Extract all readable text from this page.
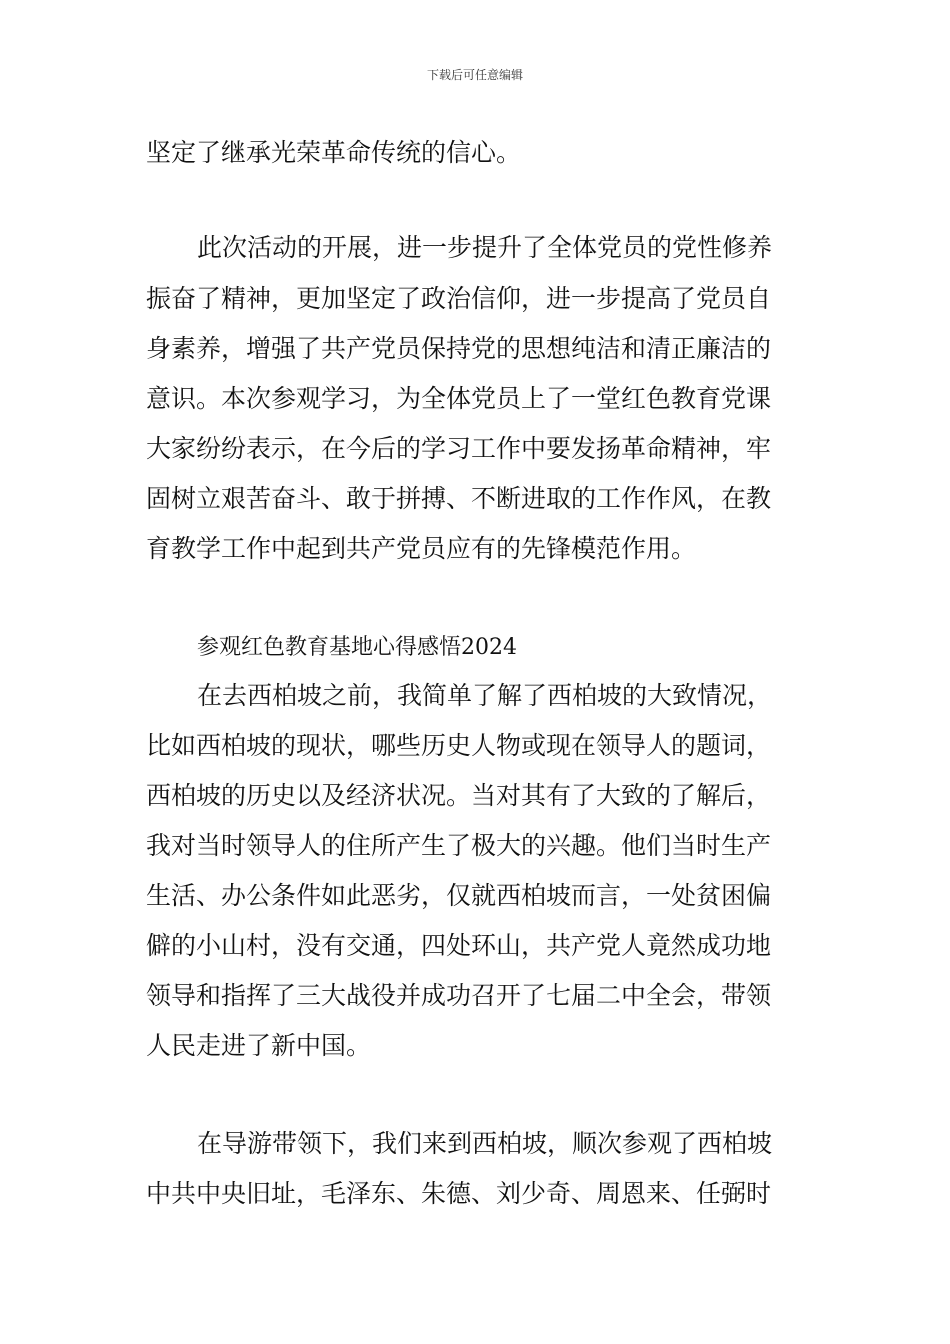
下载后可任意编辑
坚定了继承光荣革命传统的信心。
此次活动的开展，进一步提升了全体党员的党性修养
振奋了精神，更加坚定了政治信仰，进一步提高了党员自
身素养，增强了共产党员保持党的思想纯洁和清正廉洁的
意识。本次参观学习，为全体党员上了一堂红色教育党课
大家纷纷表示，在今后的学习工作中要发扬革命精神，牢
固树立艰苦奋斗、敢于拼搏、不断进取的工作作风，在教
育教学工作中起到共产党员应有的先锋模范作用。
参观红色教育基地心得感悟2024
在去西柏坡之前，我简单了解了西柏坡的大致情况，
比如西柏坡的现状，哪些历史人物或现在领导人的题词，
西柏坡的历史以及经济状况。当对其有了大致的了解后，
我对当时领导人的住所产生了极大的兴趣。他们当时生产
生活、办公条件如此恶劣，仅就西柏坡而言，一处贫困偏
僻的小山村，没有交通，四处环山，共产党人竟然成功地
领导和指挥了三大战役并成功召开了七届二中全会，带领
人民走进了新中国。
在导游带领下，我们来到西柏坡，顺次参观了西柏坡
中共中央旧址，毛泽东、朱德、刘少奇、周恩来、任弼时
